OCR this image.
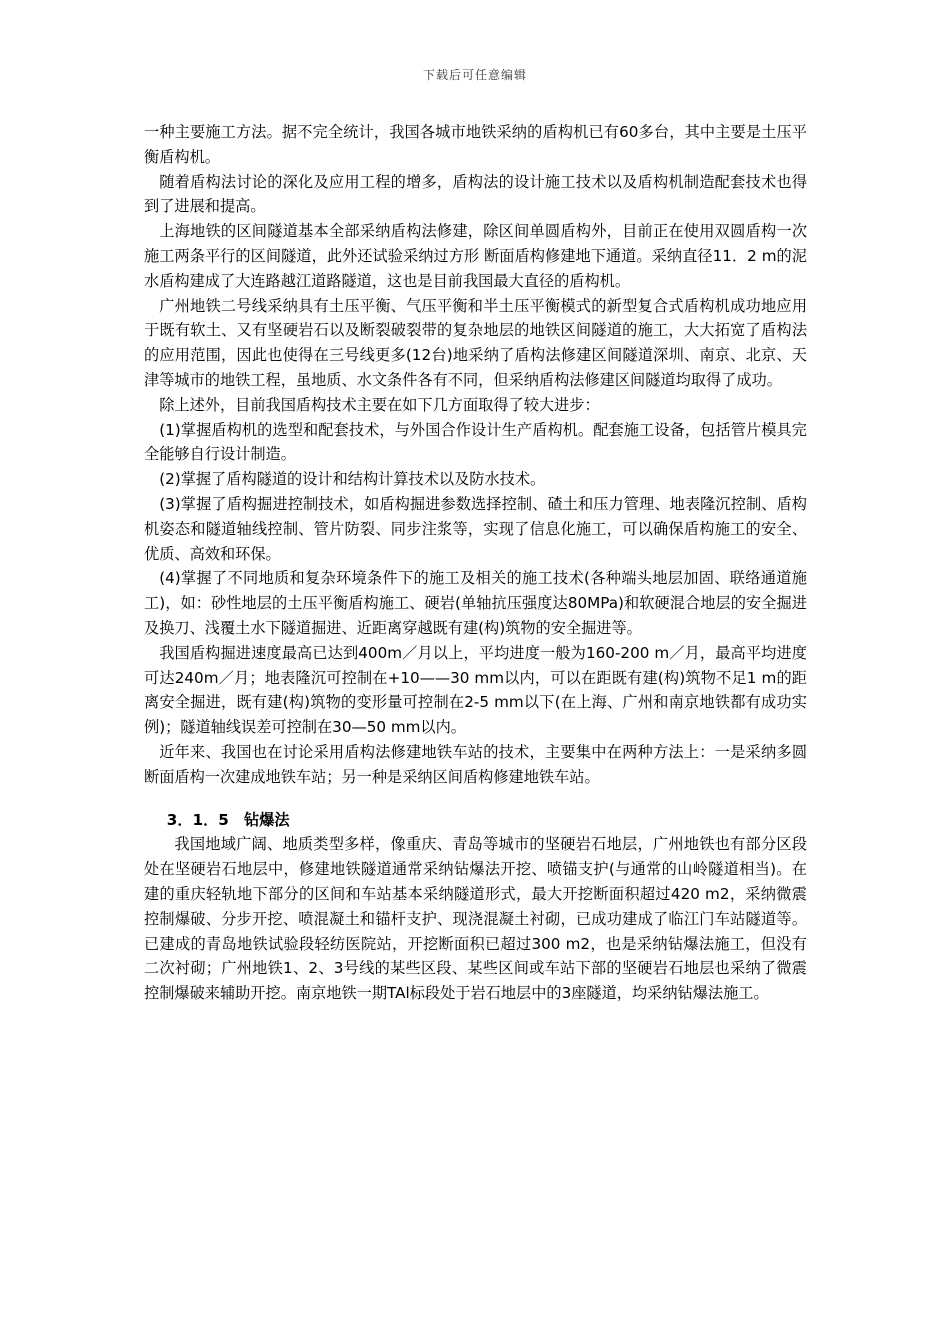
下载后可任意编辑

一种主要施工方法。据不完全统计，我国各城市地铁采纳的盾构机已有60多台，其中主要是土压平衡盾构机。

随着盾构法讨论的深化及应用工程的增多，盾构法的设计施工技术以及盾构机制造配套技术也得到了进展和提高。

上海地铁的区间隧道基本全部采纳盾构法修建，除区间单圆盾构外，目前正在使用双圆盾构一次施工两条平行的区间隧道，此外还试验采纳过方形 断面盾构修建地下通道。采纳直径11．2 m的泥水盾构建成了大连路越江道路隧道，这也是目前我国最大直径的盾构机。

广州地铁二号线采纳具有土压平衡、气压平衡和半土压平衡模式的新型复合式盾构机成功地应用于既有软土、又有坚硬岩石以及断裂破裂带的复杂地层的地铁区间隧道的施工，大大拓宽了盾构法的应用范围，因此也使得在三号线更多(12台)地采纳了盾构法修建区间隧道深圳、南京、北京、天津等城市的地铁工程，虽地质、水文条件各有不同，但采纳盾构法修建区间隧道均取得了成功。

除上述外，目前我国盾构技术主要在如下几方面取得了较大进步：

(1)掌握盾构机的选型和配套技术，与外国合作设计生产盾构机。配套施工设备，包括管片模具完全能够自行设计制造。

(2)掌握了盾构隧道的设计和结构计算技术以及防水技术。

(3)掌握了盾构掘进控制技术，如盾构掘进参数选择控制、碴土和压力管理、地表隆沉控制、盾构机姿态和隧道轴线控制、管片防裂、同步注浆等，实现了信息化施工，可以确保盾构施工的安全、优质、高效和环保。

(4)掌握了不同地质和复杂环境条件下的施工及相关的施工技术(各种端头地层加固、联络通道施工)，如：砂性地层的土压平衡盾构施工、硬岩(单轴抗压强度达80MPa)和软硬混合地层的安全掘进及换刀、浅覆土水下隧道掘进、近距离穿越既有建(构)筑物的安全掘进等。

我国盾构掘进速度最高已达到400m／月以上，平均进度一般为160-200 m／月，最高平均进度可达240m／月；地表隆沉可控制在+10——30 mm以内，可以在距既有建(构)筑物不足1 m的距离安全掘进，既有建(构)筑物的变形量可控制在2-5 mm以下(在上海、广州和南京地铁都有成功实例)；隧道轴线误差可控制在30—50 mm以内。

近年来、我国也在讨论采用盾构法修建地铁车站的技术，主要集中在两种方法上：一是采纳多圆断面盾构一次建成地铁车站；另一种是采纳区间盾构修建地铁车站。

3．1．5　钻爆法

我国地域广阔、地质类型多样，像重庆、青岛等城市的坚硬岩石地层，广州地铁也有部分区段处在坚硬岩石地层中，修建地铁隧道通常采纳钻爆法开挖、喷锚支护(与通常的山岭隧道相当)。在建的重庆轻轨地下部分的区间和车站基本采纳隧道形式，最大开挖断面积超过420 m2，采纳微震控制爆破、分步开挖、喷混凝土和锚杆支护、现浇混凝土衬砌，已成功建成了临江门车站隧道等。已建成的青岛地铁试验段轻纺医院站，开挖断面积已超过300 m2，也是采纳钻爆法施工，但没有二次衬砌；广州地铁1、2、3号线的某些区段、某些区间或车站下部的坚硬岩石地层也采纳了微震控制爆破来辅助开挖。南京地铁一期TAl标段处于岩石地层中的3座隧道，均采纳钻爆法施工。
